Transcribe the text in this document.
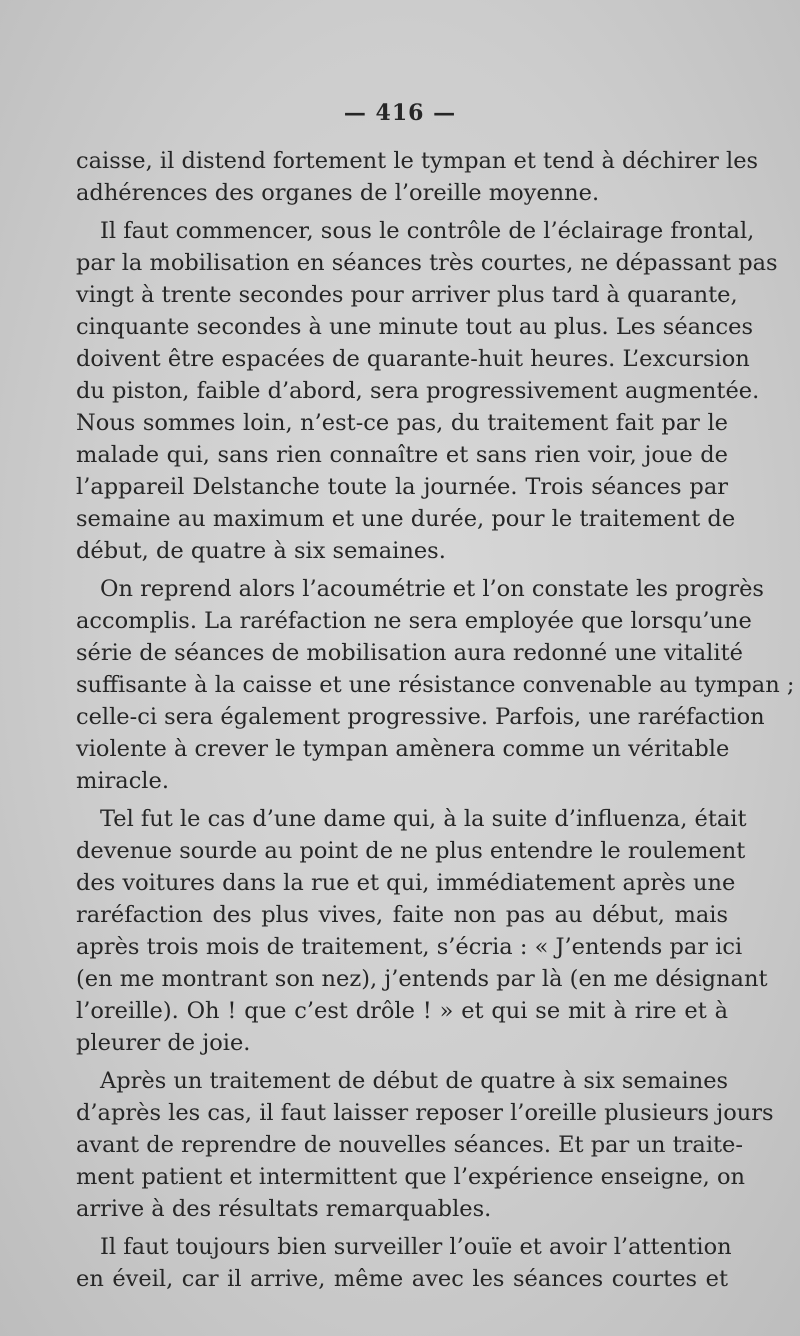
— 416 —
caisse, il distend fortement le tympan et tend à déchirer les
adhérences des organes de l’oreille moyenne.
Il faut commencer, sous le contrôle de l’éclairage frontal,
par la mobilisation en séances très courtes, ne dépassant pas
vingt à trente secondes pour arriver plus tard à quarante,
cinquante secondes à une minute tout au plus. Les séances
doivent être espacées de quarante-huit heures. L’excursion
du piston, faible d’abord, sera progressivement augmentée.
Nous sommes loin, n’est-ce pas, du traitement fait par le
malade qui, sans rien connaître et sans rien voir, joue de
l’appareil Delstanche toute la journée. Trois séances par
semaine au maximum et une durée, pour le traitement de
début, de quatre à six semaines.
On reprend alors l’acoumétrie et l’on constate les progrès
accomplis. La raréfaction ne sera employée que lorsqu’une
série de séances de mobilisation aura redonné une vitalité
suffisante à la caisse et une résistance convenable au tympan ;
celle-ci sera également progressive. Parfois, une raréfaction
violente à crever le tympan amènera comme un véritable
miracle.
Tel fut le cas d’une dame qui, à la suite d’influenza, était
devenue sourde au point de ne plus entendre le roulement
des voitures dans la rue et qui, immédiatement après une
raréfaction des plus vives, faite non pas au début, mais
après trois mois de traitement, s’écria : « J’entends par ici
(en me montrant son nez), j’entends par là (en me désignant
l’oreille). Oh ! que c’est drôle ! » et qui se mit à rire et à
pleurer de joie.
Après un traitement de début de quatre à six semaines
d’après les cas, il faut laisser reposer l’oreille plusieurs jours
avant de reprendre de nouvelles séances. Et par un traite-
ment patient et intermittent que l’expérience enseigne, on
arrive à des résultats remarquables.
Il faut toujours bien surveiller l’ouïe et avoir l’attention
en éveil, car il arrive, même avec les séances courtes et
